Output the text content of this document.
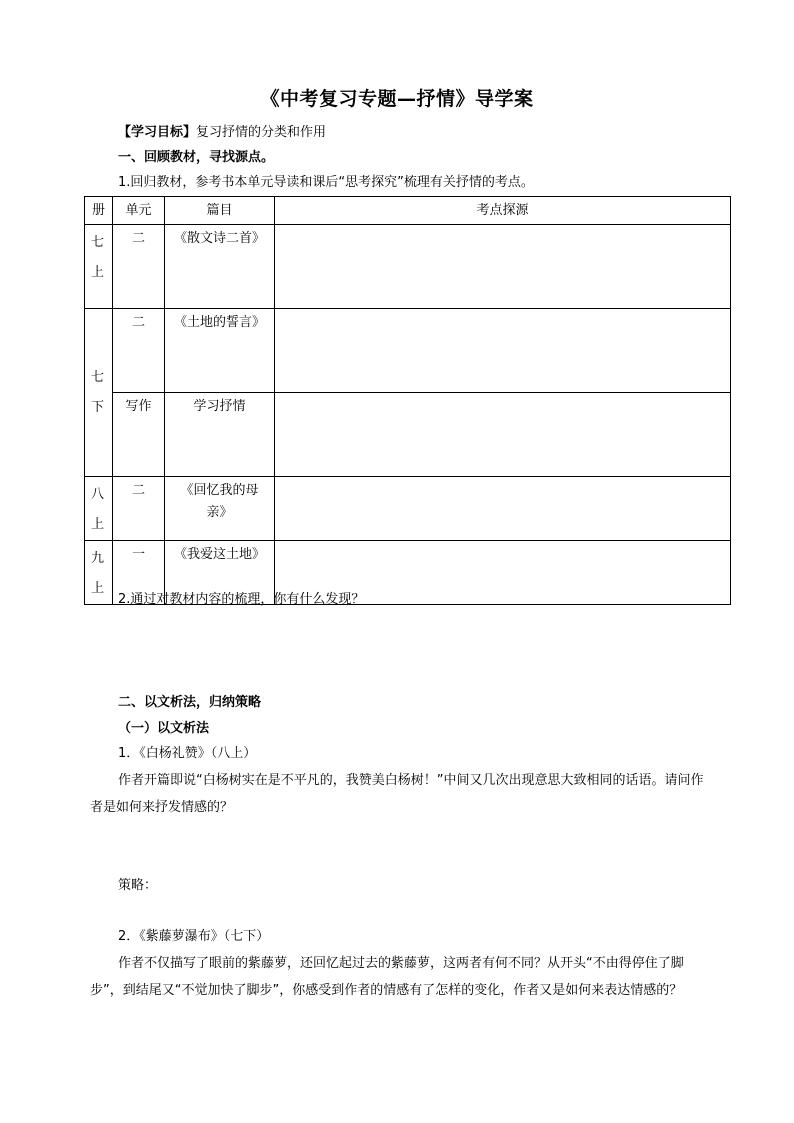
《中考复习专题—抒情》导学案
【学习目标】复习抒情的分类和作用
一、回顾教材，寻找源点。
1.回归教材，参考书本单元导读和课后“思考探究”梳理有关抒情的考点。
册	单元	篇目	考点探源

七上	二	《散文诗二首》	

七下	二	《土地的誓言》	
	写作	学习抒情	

八上	二	《回忆我的母亲》	

九上	一	《我爱这土地》	
2.通过对教材内容的梳理，你有什么发现？
二、以文析法，归纳策略
（一）以文析法
1．《白杨礼赞》（八上）
作者开篇即说“白杨树实在是不平凡的，我赞美白杨树！”中间又几次出现意思大致相同的话语。请问作者是如何来抒发情感的？
策略：
2．《紫藤萝瀑布》（七下）
作者不仅描写了眼前的紫藤萝，还回忆起过去的紫藤萝，这两者有何不同？从开头“不由得停住了脚步”，到结尾又“不觉加快了脚步”，你感受到作者的情感有了怎样的变化，作者又是如何来表达情感的？
